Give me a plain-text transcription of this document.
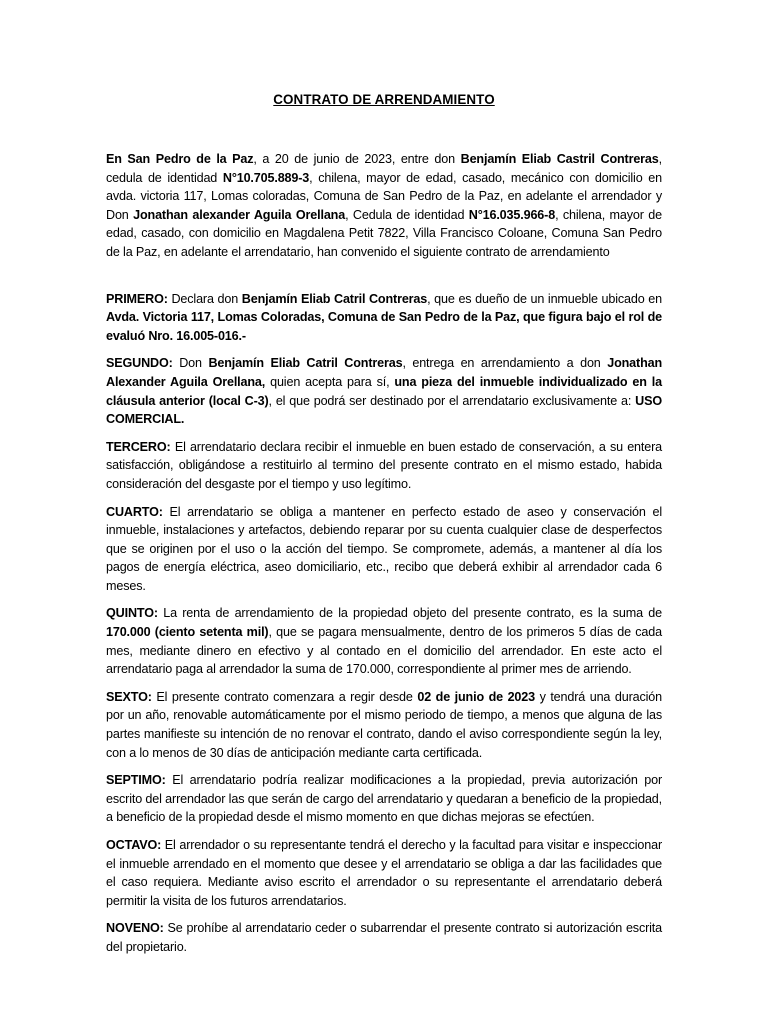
CONTRATO DE ARRENDAMIENTO

En San Pedro de la Paz, a 20 de junio de 2023, entre don Benjamín Eliab Castril Contreras, cedula de identidad N°10.705.889-3, chilena, mayor de edad, casado, mecánico con domicilio en avda. victoria 117, Lomas coloradas, Comuna de San Pedro de la Paz, en adelante el arrendador y Don Jonathan alexander Aguila Orellana, Cedula de identidad N°16.035.966-8, chilena, mayor de edad, casado, con domicilio en Magdalena Petit 7822, Villa Francisco Coloane, Comuna San Pedro de la Paz, en adelante el arrendatario, han convenido el siguiente contrato de arrendamiento

PRIMERO: Declara don Benjamín Eliab Catril Contreras, que es dueño de un inmueble ubicado en Avda. Victoria 117, Lomas Coloradas, Comuna de San Pedro de la Paz, que figura bajo el rol de evaluó Nro. 16.005-016.-

SEGUNDO: Don Benjamín Eliab Catril Contreras, entrega en arrendamiento a don Jonathan Alexander Aguila Orellana, quien acepta para sí, una pieza del inmueble individualizado en la cláusula anterior (local C-3), el que podrá ser destinado por el arrendatario exclusivamente a: USO COMERCIAL.

TERCERO: El arrendatario declara recibir el inmueble en buen estado de conservación, a su entera satisfacción, obligándose a restituirlo al termino del presente contrato en el mismo estado, habida consideración del desgaste por el tiempo y uso legítimo.

CUARTO: El arrendatario se obliga a mantener en perfecto estado de aseo y conservación el inmueble, instalaciones y artefactos, debiendo reparar por su cuenta cualquier clase de desperfectos que se originen por el uso o la acción del tiempo. Se compromete, además, a mantener al día los pagos de energía eléctrica, aseo domiciliario, etc., recibo que deberá exhibir al arrendador cada 6 meses.

QUINTO: La renta de arrendamiento de la propiedad objeto del presente contrato, es la suma de 170.000 (ciento setenta mil), que se pagara mensualmente, dentro de los primeros 5 días de cada mes, mediante dinero en efectivo y al contado en el domicilio del arrendador. En este acto el arrendatario paga al arrendador la suma de 170.000, correspondiente al primer mes de arriendo.

SEXTO: El presente contrato comenzara a regir desde 02 de junio de 2023 y tendrá una duración por un año, renovable automáticamente por el mismo periodo de tiempo, a menos que alguna de las partes manifieste su intención de no renovar el contrato, dando el aviso correspondiente según la ley, con a lo menos de 30 días de anticipación mediante carta certificada.

SEPTIMO: El arrendatario podría realizar modificaciones a la propiedad, previa autorización por escrito del arrendador las que serán de cargo del arrendatario y quedaran a beneficio de la propiedad, a beneficio de la propiedad desde el mismo momento en que dichas mejoras se efectúen.

OCTAVO: El arrendador o su representante tendrá el derecho y la facultad para visitar e inspeccionar el inmueble arrendado en el momento que desee y el arrendatario se obliga a dar las facilidades que el caso requiera. Mediante aviso escrito el arrendador o su representante el arrendatario deberá permitir la visita de los futuros arrendatarios.

NOVENO: Se prohíbe al arrendatario ceder o subarrendar el presente contrato si autorización escrita del propietario.
